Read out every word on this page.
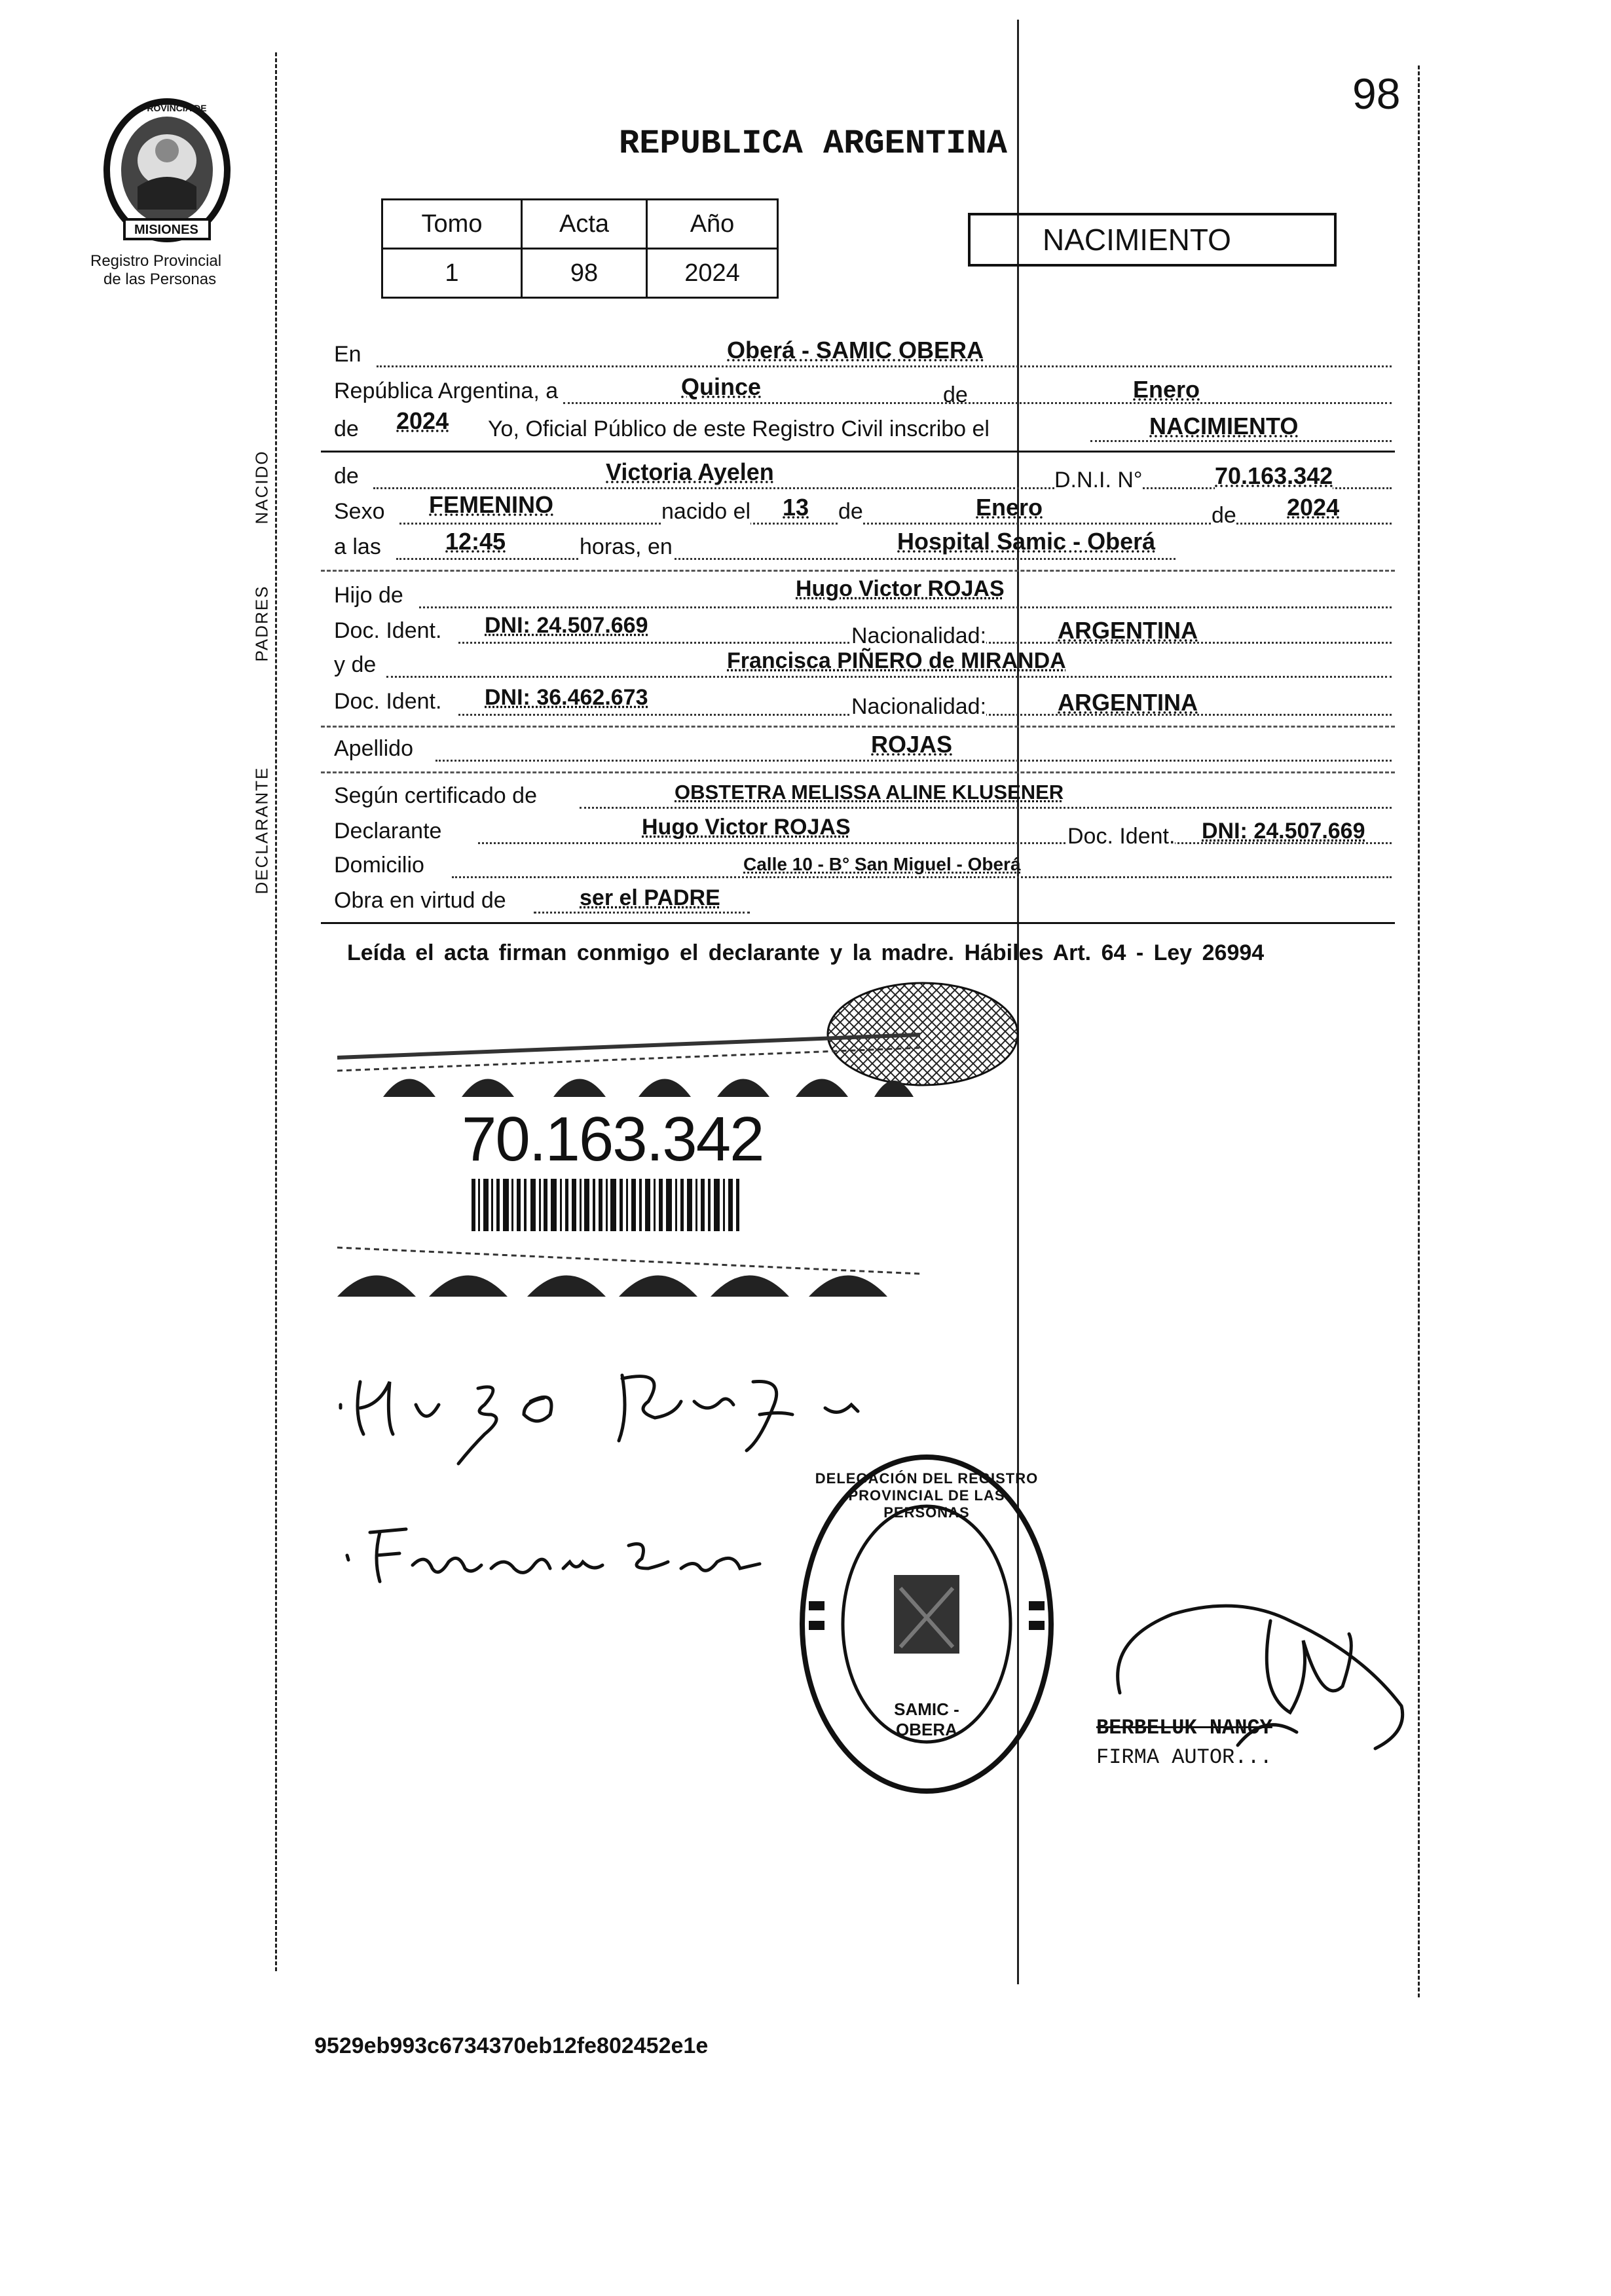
98
PROVINCIA DE
MISIONES
Registro Provincial
de las Personas
REPUBLICA ARGENTINA
Tomo	Acta	Año
1	98	2024
NACIMIENTO
NACIDO
PADRES
DECLARANTE
En	Oberá - SAMIC OBERA
República Argentina, a	Quince	de	Enero
de 2024 Yo, Oficial Público de este Registro Civil inscribo el	NACIMIENTO
de	Victoria Ayelen	D.N.I. N°	70.163.342
Sexo FEMENINO	nacido el 13 de	Enero	de 2024
a las	12:45	horas, en	Hospital Samic - Oberá
Hijo de	Hugo Victor ROJAS
Doc. Ident. DNI: 24.507.669	Nacionalidad:	ARGENTINA
y de	Francisca PIÑERO de MIRANDA
Doc. Ident. DNI: 36.462.673	Nacionalidad:	ARGENTINA
Apellido	ROJAS
Según certificado de	OBSTETRA MELISSA ALINE KLUSENER
Declarante	Hugo Victor ROJAS	Doc. Ident. DNI: 24.507.669
Domicilio	Calle 10 - B° San Miguel - Oberá
Obra en virtud de	ser el PADRE
Leída el acta firman conmigo el declarante y la madre. Hábiles Art. 64 - Ley 26994
70.163.342
DELEGACIÓN DEL REGISTRO PROVINCIAL DE LAS PERSONAS
SAMIC - OBERA	BERBELUK NANCY
FIRMA AUTOR...
9529eb993c6734370eb12fe802452e1e
